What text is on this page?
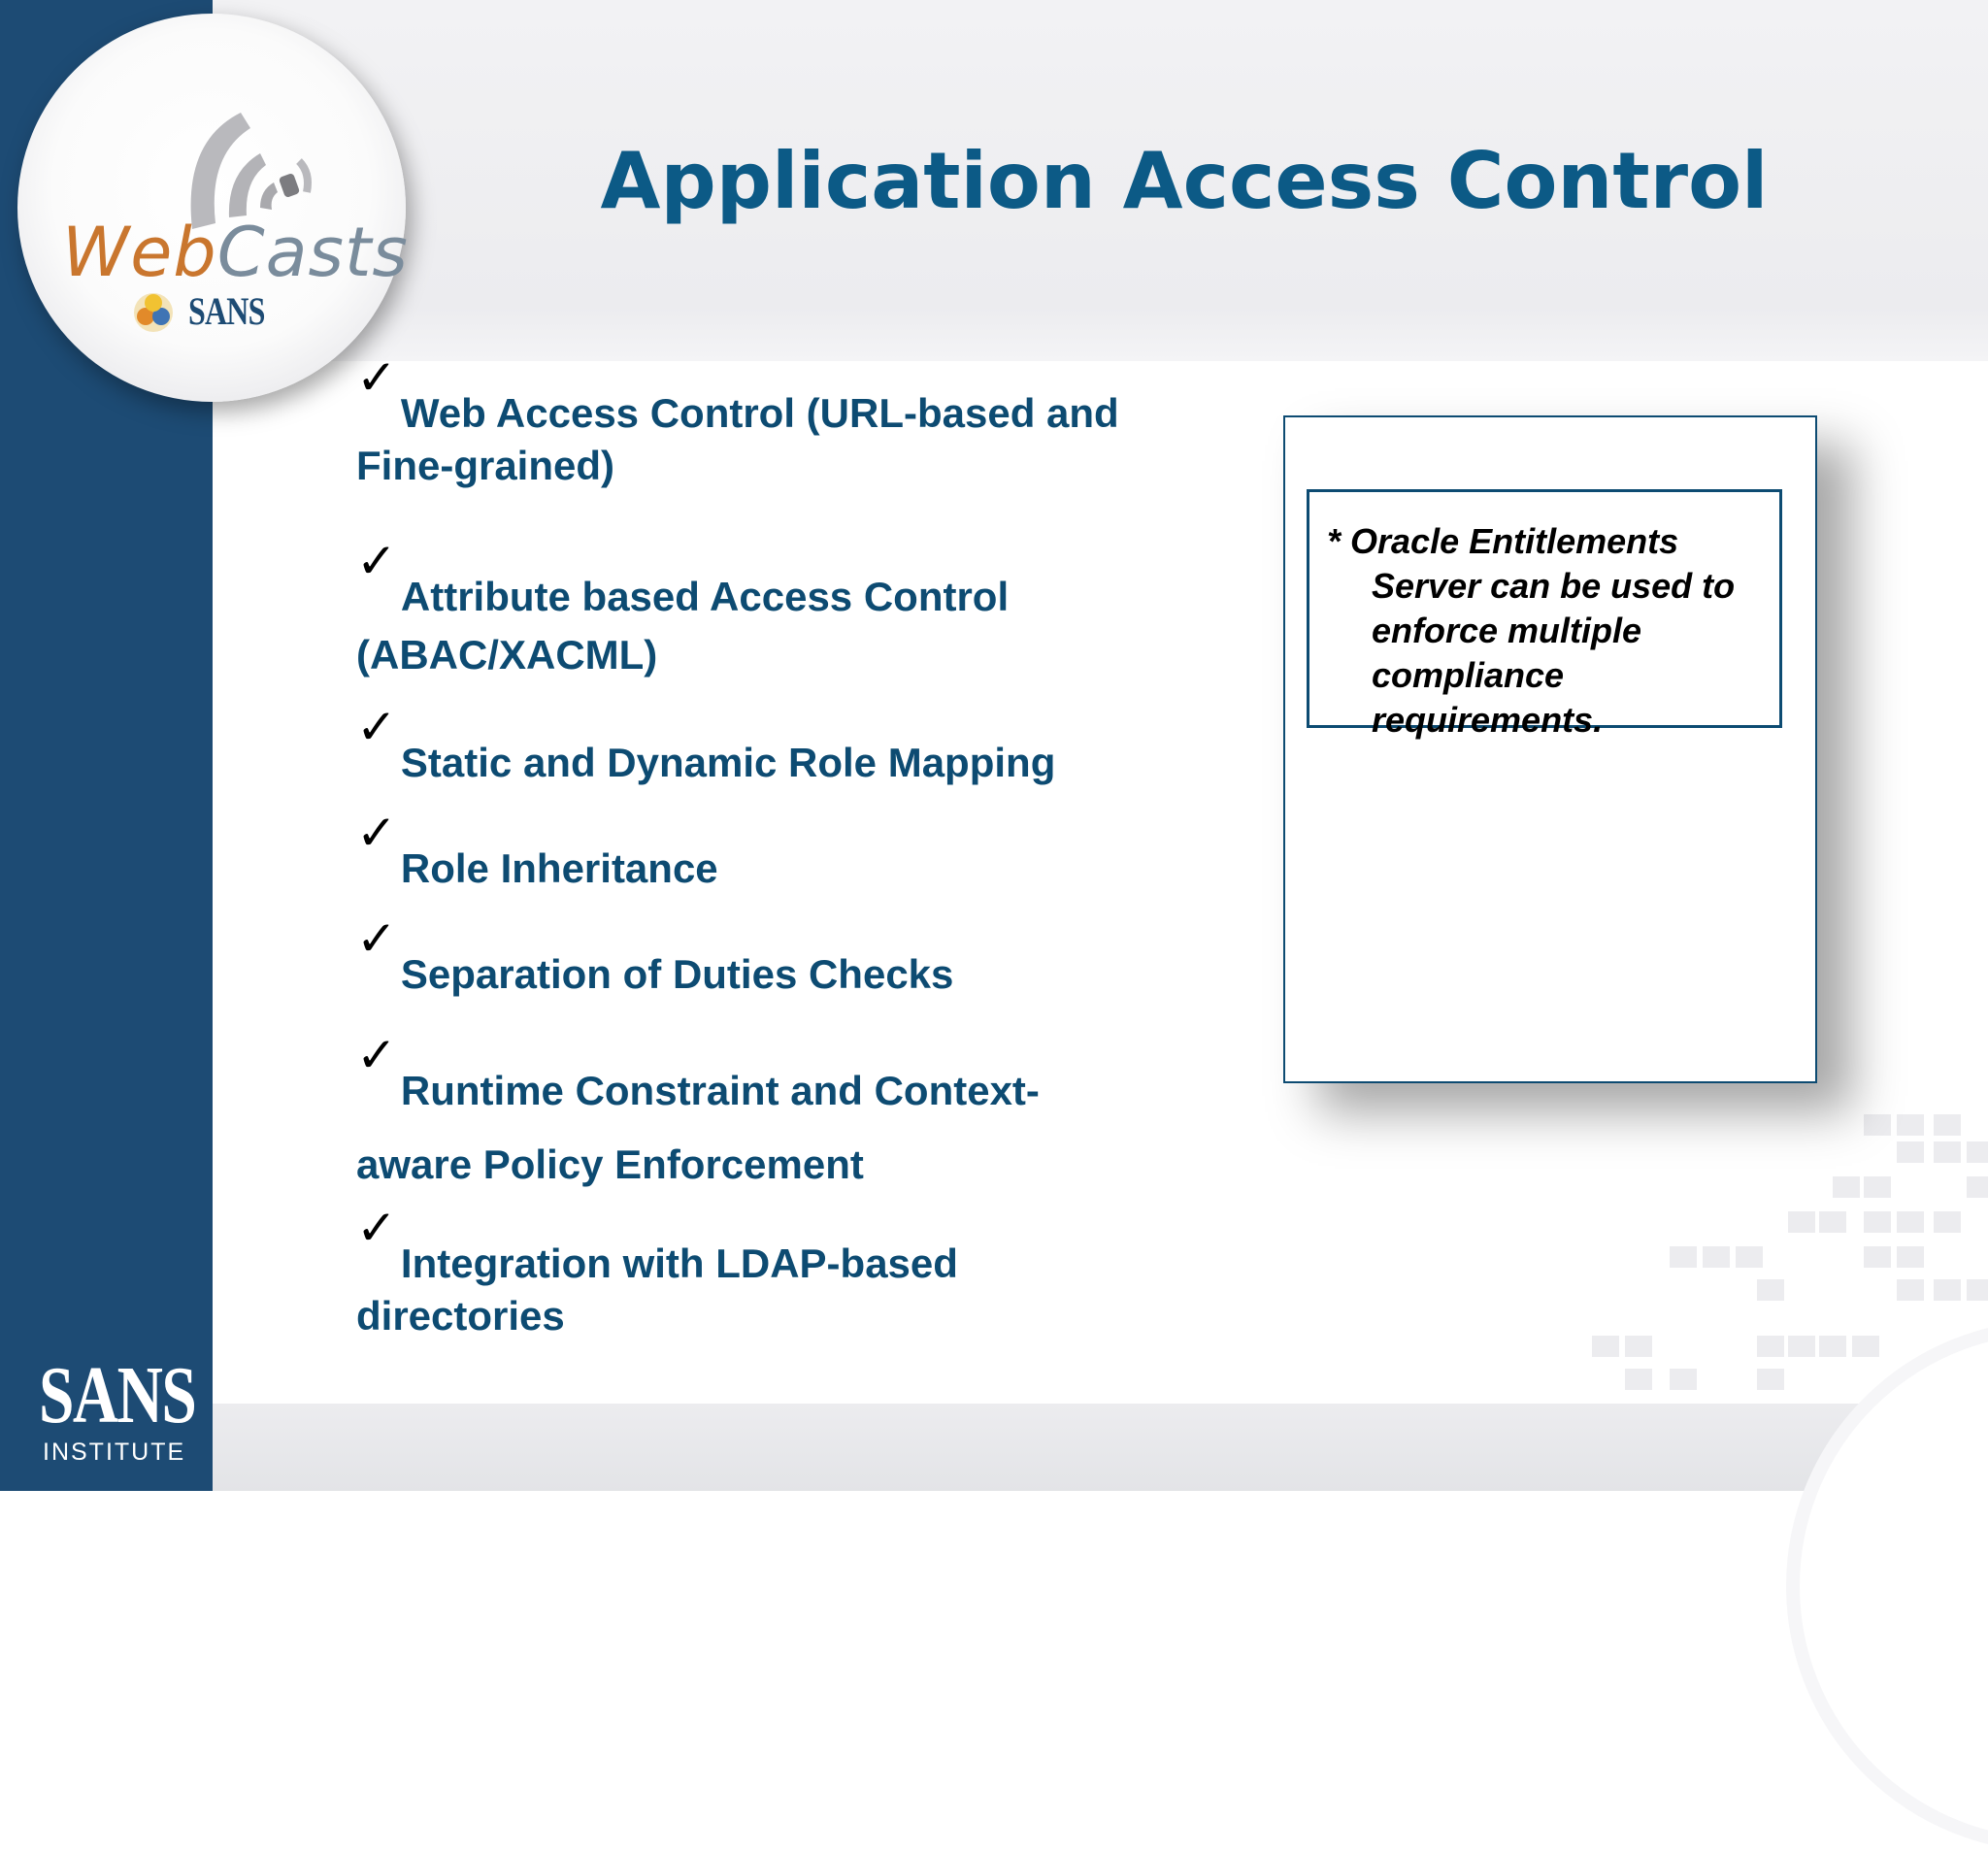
WebCasts
SANS
SANS
INSTITUTE
Application Access Control
✓Web Access Control (URL-based and
Fine-grained)
✓Attribute based Access Control
(ABAC/XACML)
✓Static and Dynamic Role Mapping
✓Role Inheritance
✓Separation of Duties Checks
✓Runtime Constraint and Context-
aware Policy Enforcement
✓Integration with LDAP-based
directories
* Oracle Entitlements Server can be used to enforce multiple compliance requirements.
